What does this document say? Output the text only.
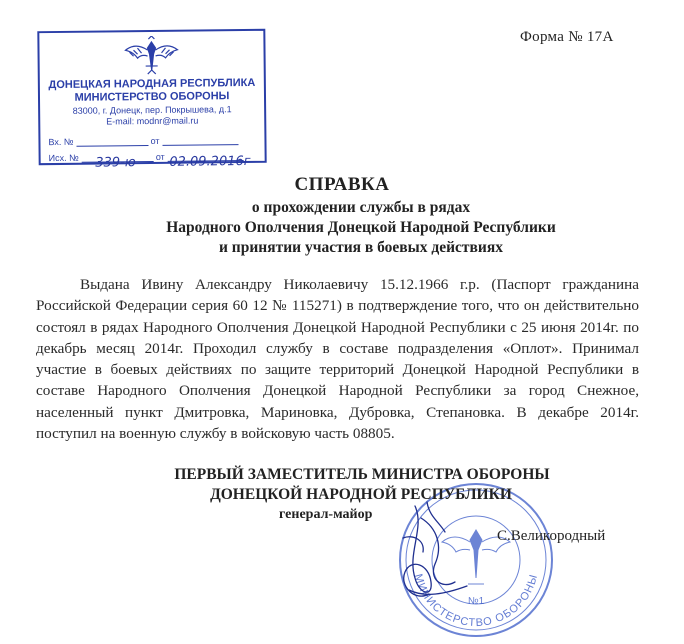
Форма № 17А
ДОНЕЦКАЯ НАРОДНАЯ РЕСПУБЛИКА
МИНИСТЕРСТВО ОБОРОНЫ
83000, г. Донецк, пер. Покрышева, д.1
E-mail: modnr@mail.ru
Вх. №	от
Исх. № 339-ю от 02.09.2016г
СПРАВКА
о прохождении службы в рядах
Народного Ополчения Донецкой Народной Республики
и принятии участия в боевых действиях
Выдана Ивину Александру Николаевичу 15.12.1966 г.р. (Паспорт гражданина Российской Федерации серия 60 12 № 115271) в подтверждение того, что он действительно состоял в рядах Народного Ополчения Донецкой Народной Республики с 25 июня 2014г. по декабрь месяц 2014г. Проходил службу в составе подразделения «Оплот». Принимал участие в боевых действиях по защите территорий Донецкой Народной Республики в составе Народного Ополчения Донецкой Народной Республики за город Снежное, населенный пункт Дмитровка, Мариновка, Дубровка, Степановка. В декабре 2014г. поступил на военную службу в войсковую часть 08805.
МИНИСТЕРСТВО ОБОРОНЫ
№1
ПЕРВЫЙ ЗАМЕСТИТЕЛЬ МИНИСТРА ОБОРОНЫ
ДОНЕЦКОЙ НАРОДНОЙ РЕСПУБЛИКИ
генерал-майор
С.Великородный
